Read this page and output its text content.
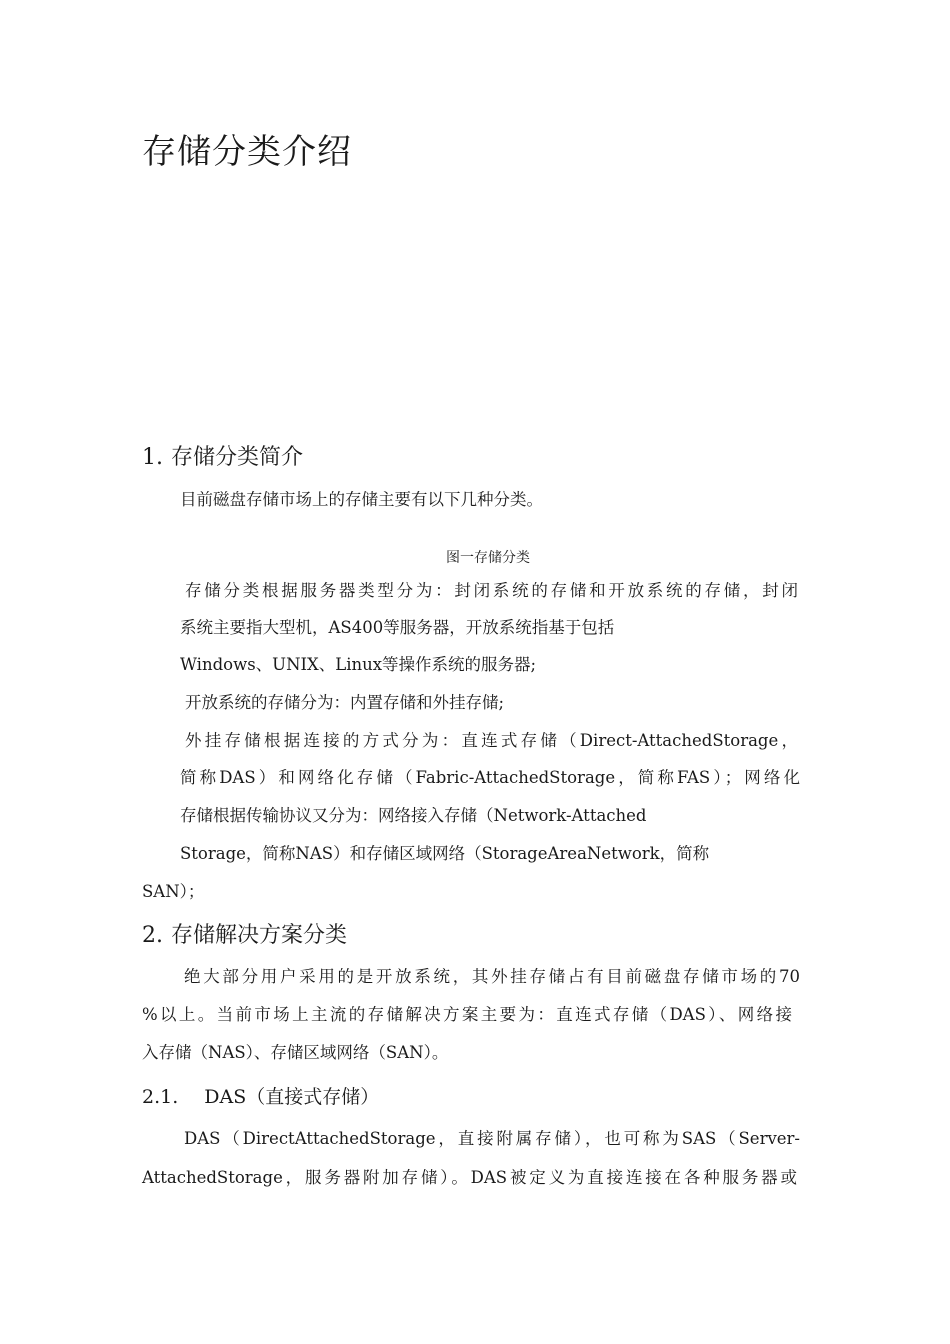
存储分类介绍
1. 存储分类简介
目前磁盘存储市场上的存储主要有以下几种分类。
图一存储分类
存储分类根据服务器类型分为：封闭系统的存储和开放系统的存储，封闭
系统主要指大型机，AS400等服务器，开放系统指基于包括
Windows、UNIX、Linux等操作系统的服务器;
开放系统的存储分为：内置存储和外挂存储;
外挂存储根据连接的方式分为：直连式存储（Direct-AttachedStorage，
简称DAS）和网络化存储（Fabric-AttachedStorage，简称FAS）；网络化
存储根据传输协议又分为：网络接入存储（Network-Attached
Storage，简称NAS）和存储区域网络（StorageAreaNetwork，简称
SAN）；
2. 存储解决方案分类
绝大部分用户采用的是开放系统，其外挂存储占有目前磁盘存储市场的70
%以上。当前市场上主流的存储解决方案主要为：直连式存储（DAS）、网络接
入存储（NAS）、存储区域网络（SAN）。
2.1. DAS（直接式存储）
DAS（DirectAttachedStorage，直接附属存储），也可称为SAS（Server-
AttachedStorage，服务器附加存储）。DAS被定义为直接连接在各种服务器或
